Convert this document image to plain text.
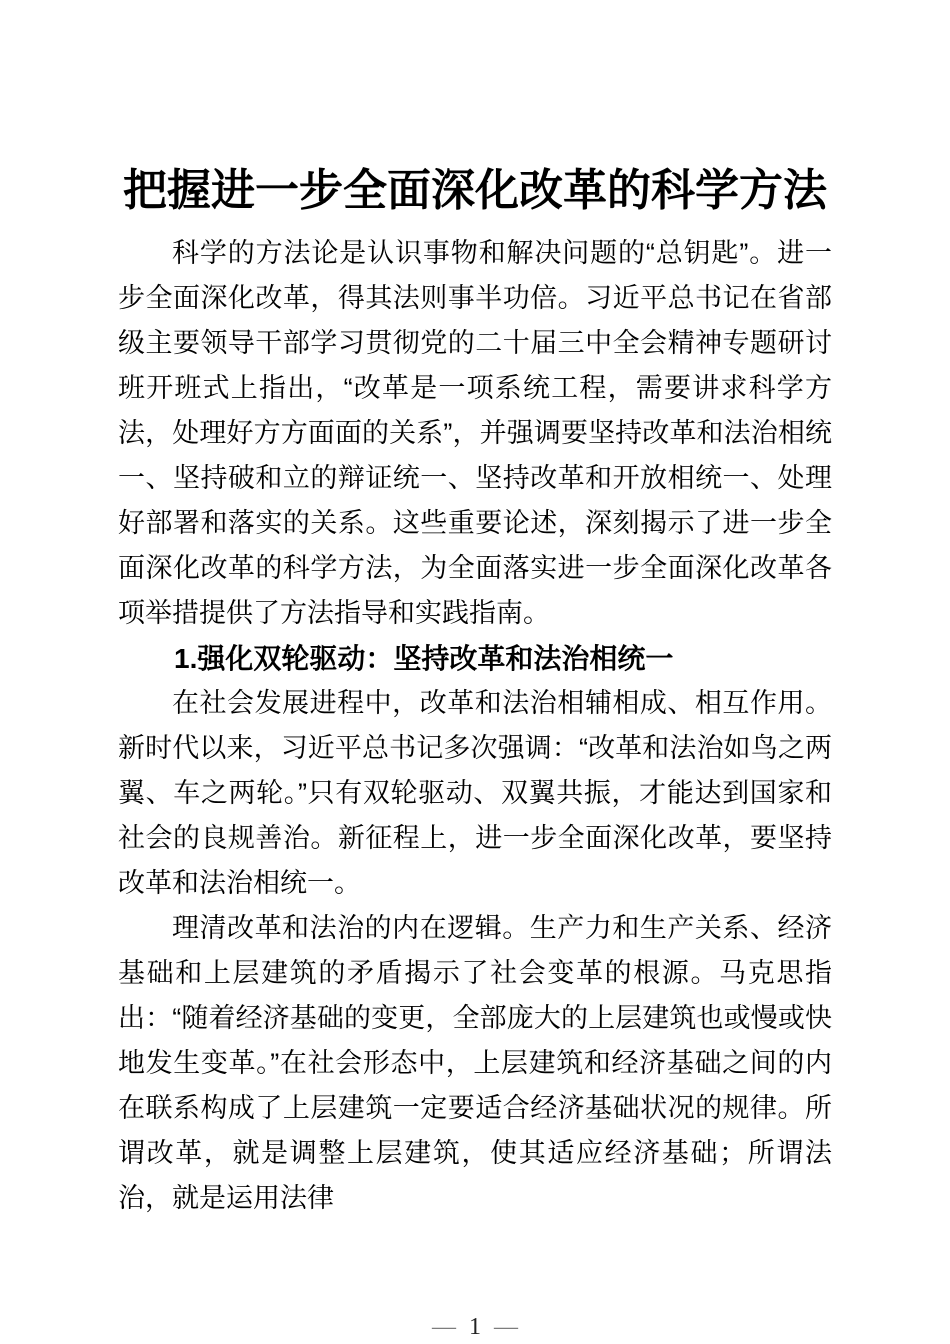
把握进一步全面深化改革的科学方法

科学的方法论是认识事物和解决问题的“总钥匙”。进一步全面深化改革，得其法则事半功倍。习近平总书记在省部级主要领导干部学习贯彻党的二十届三中全会精神专题研讨班开班式上指出，“改革是一项系统工程，需要讲求科学方法，处理好方方面面的关系”，并强调要坚持改革和法治相统一、坚持破和立的辩证统一、坚持改革和开放相统一、处理好部署和落实的关系。这些重要论述，深刻揭示了进一步全面深化改革的科学方法，为全面落实进一步全面深化改革各项举措提供了方法指导和实践指南。

1.强化双轮驱动：坚持改革和法治相统一

在社会发展进程中，改革和法治相辅相成、相互作用。新时代以来，习近平总书记多次强调：“改革和法治如鸟之两翼、车之两轮。”只有双轮驱动、双翼共振，才能达到国家和社会的良规善治。新征程上，进一步全面深化改革，要坚持改革和法治相统一。

理清改革和法治的内在逻辑。生产力和生产关系、经济基础和上层建筑的矛盾揭示了社会变革的根源。马克思指出：“随着经济基础的变更，全部庞大的上层建筑也或慢或快地发生变革。”在社会形态中，上层建筑和经济基础之间的内在联系构成了上层建筑一定要适合经济基础状况的规律。所谓改革，就是调整上层建筑，使其适应经济基础；所谓法治，就是运用法律

— 1 —
